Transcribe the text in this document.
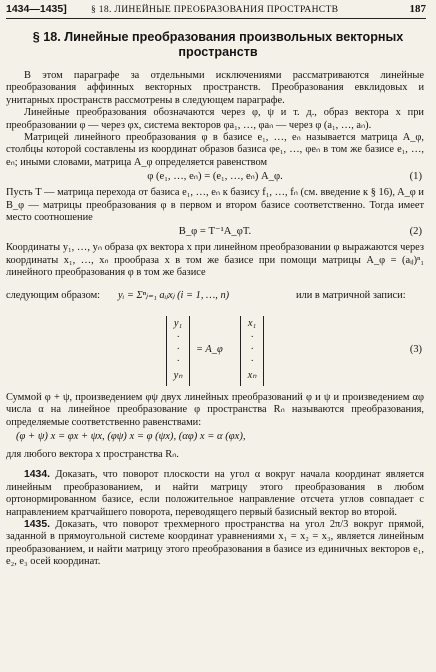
1434—1435]	§ 18. ЛИНЕЙНЫЕ ПРЕОБРАЗОВАНИЯ ПРОСТРАНСТВ	187
§ 18. Линейные преобразования произвольных векторных
пространств

В этом параграфе за отдельными исключениями рассматриваются линейные преобразования аффинных векторных пространств. Преобразования евклидовых и унитарных пространств рассмотрены в следующем параграфе.

Линейные преобразования обозначаются через φ, ψ и т. д., образ вектора x при преобразовании φ — через φx, система векторов φa₁, …, φaₙ — через φ (a₁, …, aₙ).

Матрицей линейного преобразования φ в базисе e₁, …, eₙ называется матрица A_φ, столбцы которой составлены из координат образов базиса φe₁, …, φeₙ в том же базисе e₁, …, eₙ; иными словами, матрица A_φ определяется равенством

φ (e₁, …, eₙ) = (e₁, …, eₙ) A_φ.	(1)

Пусть T — матрица перехода от базиса e₁, …, eₙ к базису f₁, …, fₙ (см. введение к § 16), A_φ и B_φ — матрицы преобразования φ в первом и втором базисе соответственно. Тогда имеет место соотношение

B_φ = T⁻¹A_φT.	(2)

Координаты y₁, …, yₙ образа φx вектора x при линейном преобразовании φ выражаются через координаты x₁, …, xₙ прообраза x в том же базисе при помощи матрицы A_φ = (aᵢⱼ)ⁿ₁ линейного преобразования φ в том же базисе

следующим образом: yᵢ = Σⁿⱼ₌₁ aᵢⱼxⱼ (i = 1, …, n)	или в матричной записи:
y₁
·
·
·
yₙ
= A_φ
x₁
·
·
·
xₙ
(3)

Суммой φ + ψ, произведением φψ двух линейных преобразований φ и ψ и произведением αφ числа α на линейное преобразование φ пространства Rₙ называются преобразования, определяемые соответственно равенствами:

(φ + ψ) x = φx + ψx, (φψ) x = φ (ψx), (αφ) x = α (φx),

для любого вектора x пространства Rₙ.

1434. Доказать, что поворот плоскости на угол α вокруг начала координат является линейным преобразованием, и найти матрицу этого преобразования в любом ортонормированном базисе, если положительное направление отсчета углов совпадает с направлением кратчайшего поворота, переводящего первый базисный вектор во второй.

1435. Доказать, что поворот трехмерного пространства на угол 2π/3 вокруг прямой, заданной в прямоугольной системе координат уравнениями x₁ = x₂ = x₃, является линейным преобразованием, и найти матрицу этого преобразования в базисе из единичных векторов e₁, e₂, e₃ осей координат.
